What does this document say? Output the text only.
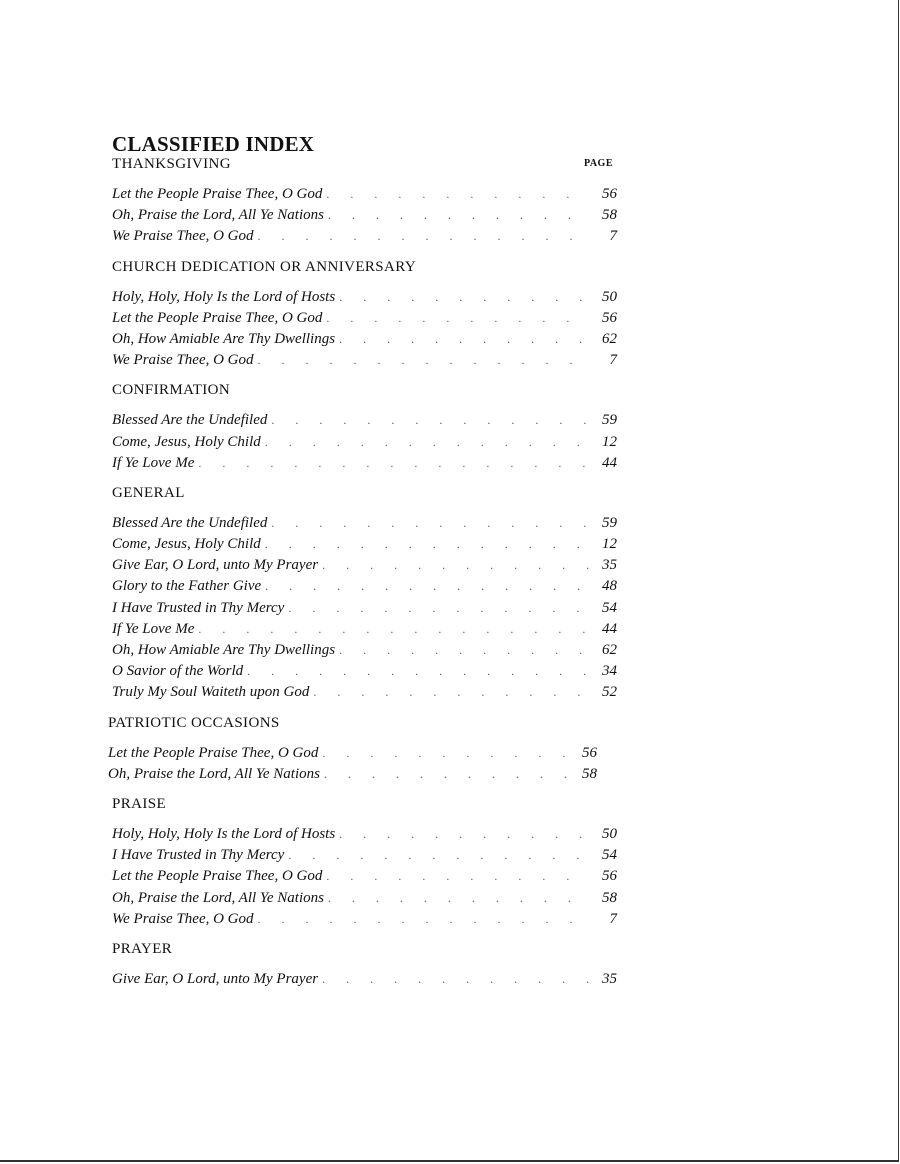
CLASSIFIED INDEX
THANKSGIVING	PAGE
Let the People Praise Thee, O God . . .	56
Oh, Praise the Lord, All Ye Nations . . .	58
We Praise Thee, O God . . .	7
CHURCH DEDICATION OR ANNIVERSARY
Holy, Holy, Holy Is the Lord of Hosts . . .	50
Let the People Praise Thee, O God . . .	56
Oh, How Amiable Are Thy Dwellings . . .	62
We Praise Thee, O God . . .	7
CONFIRMATION
Blessed Are the Undefiled . . .	59
Come, Jesus, Holy Child . . .	12
If Ye Love Me . . .	44
GENERAL
Blessed Are the Undefiled . . .	59
Come, Jesus, Holy Child . . .	12
Give Ear, O Lord, unto My Prayer . . .	35
Glory to the Father Give . . .	48
I Have Trusted in Thy Mercy . . .	54
If Ye Love Me . . .	44
Oh, How Amiable Are Thy Dwellings . . .	62
O Savior of the World . . .	34
Truly My Soul Waiteth upon God . . .	52
PATRIOTIC OCCASIONS
Let the People Praise Thee, O God . . .	56
Oh, Praise the Lord, All Ye Nations . . .	58
PRAISE
Holy, Holy, Holy Is the Lord of Hosts . . .	50
I Have Trusted in Thy Mercy . . .	54
Let the People Praise Thee, O God . . .	56
Oh, Praise the Lord, All Ye Nations . . .	58
We Praise Thee, O God . . .	7
PRAYER
Give Ear, O Lord, unto My Prayer . . .	35
